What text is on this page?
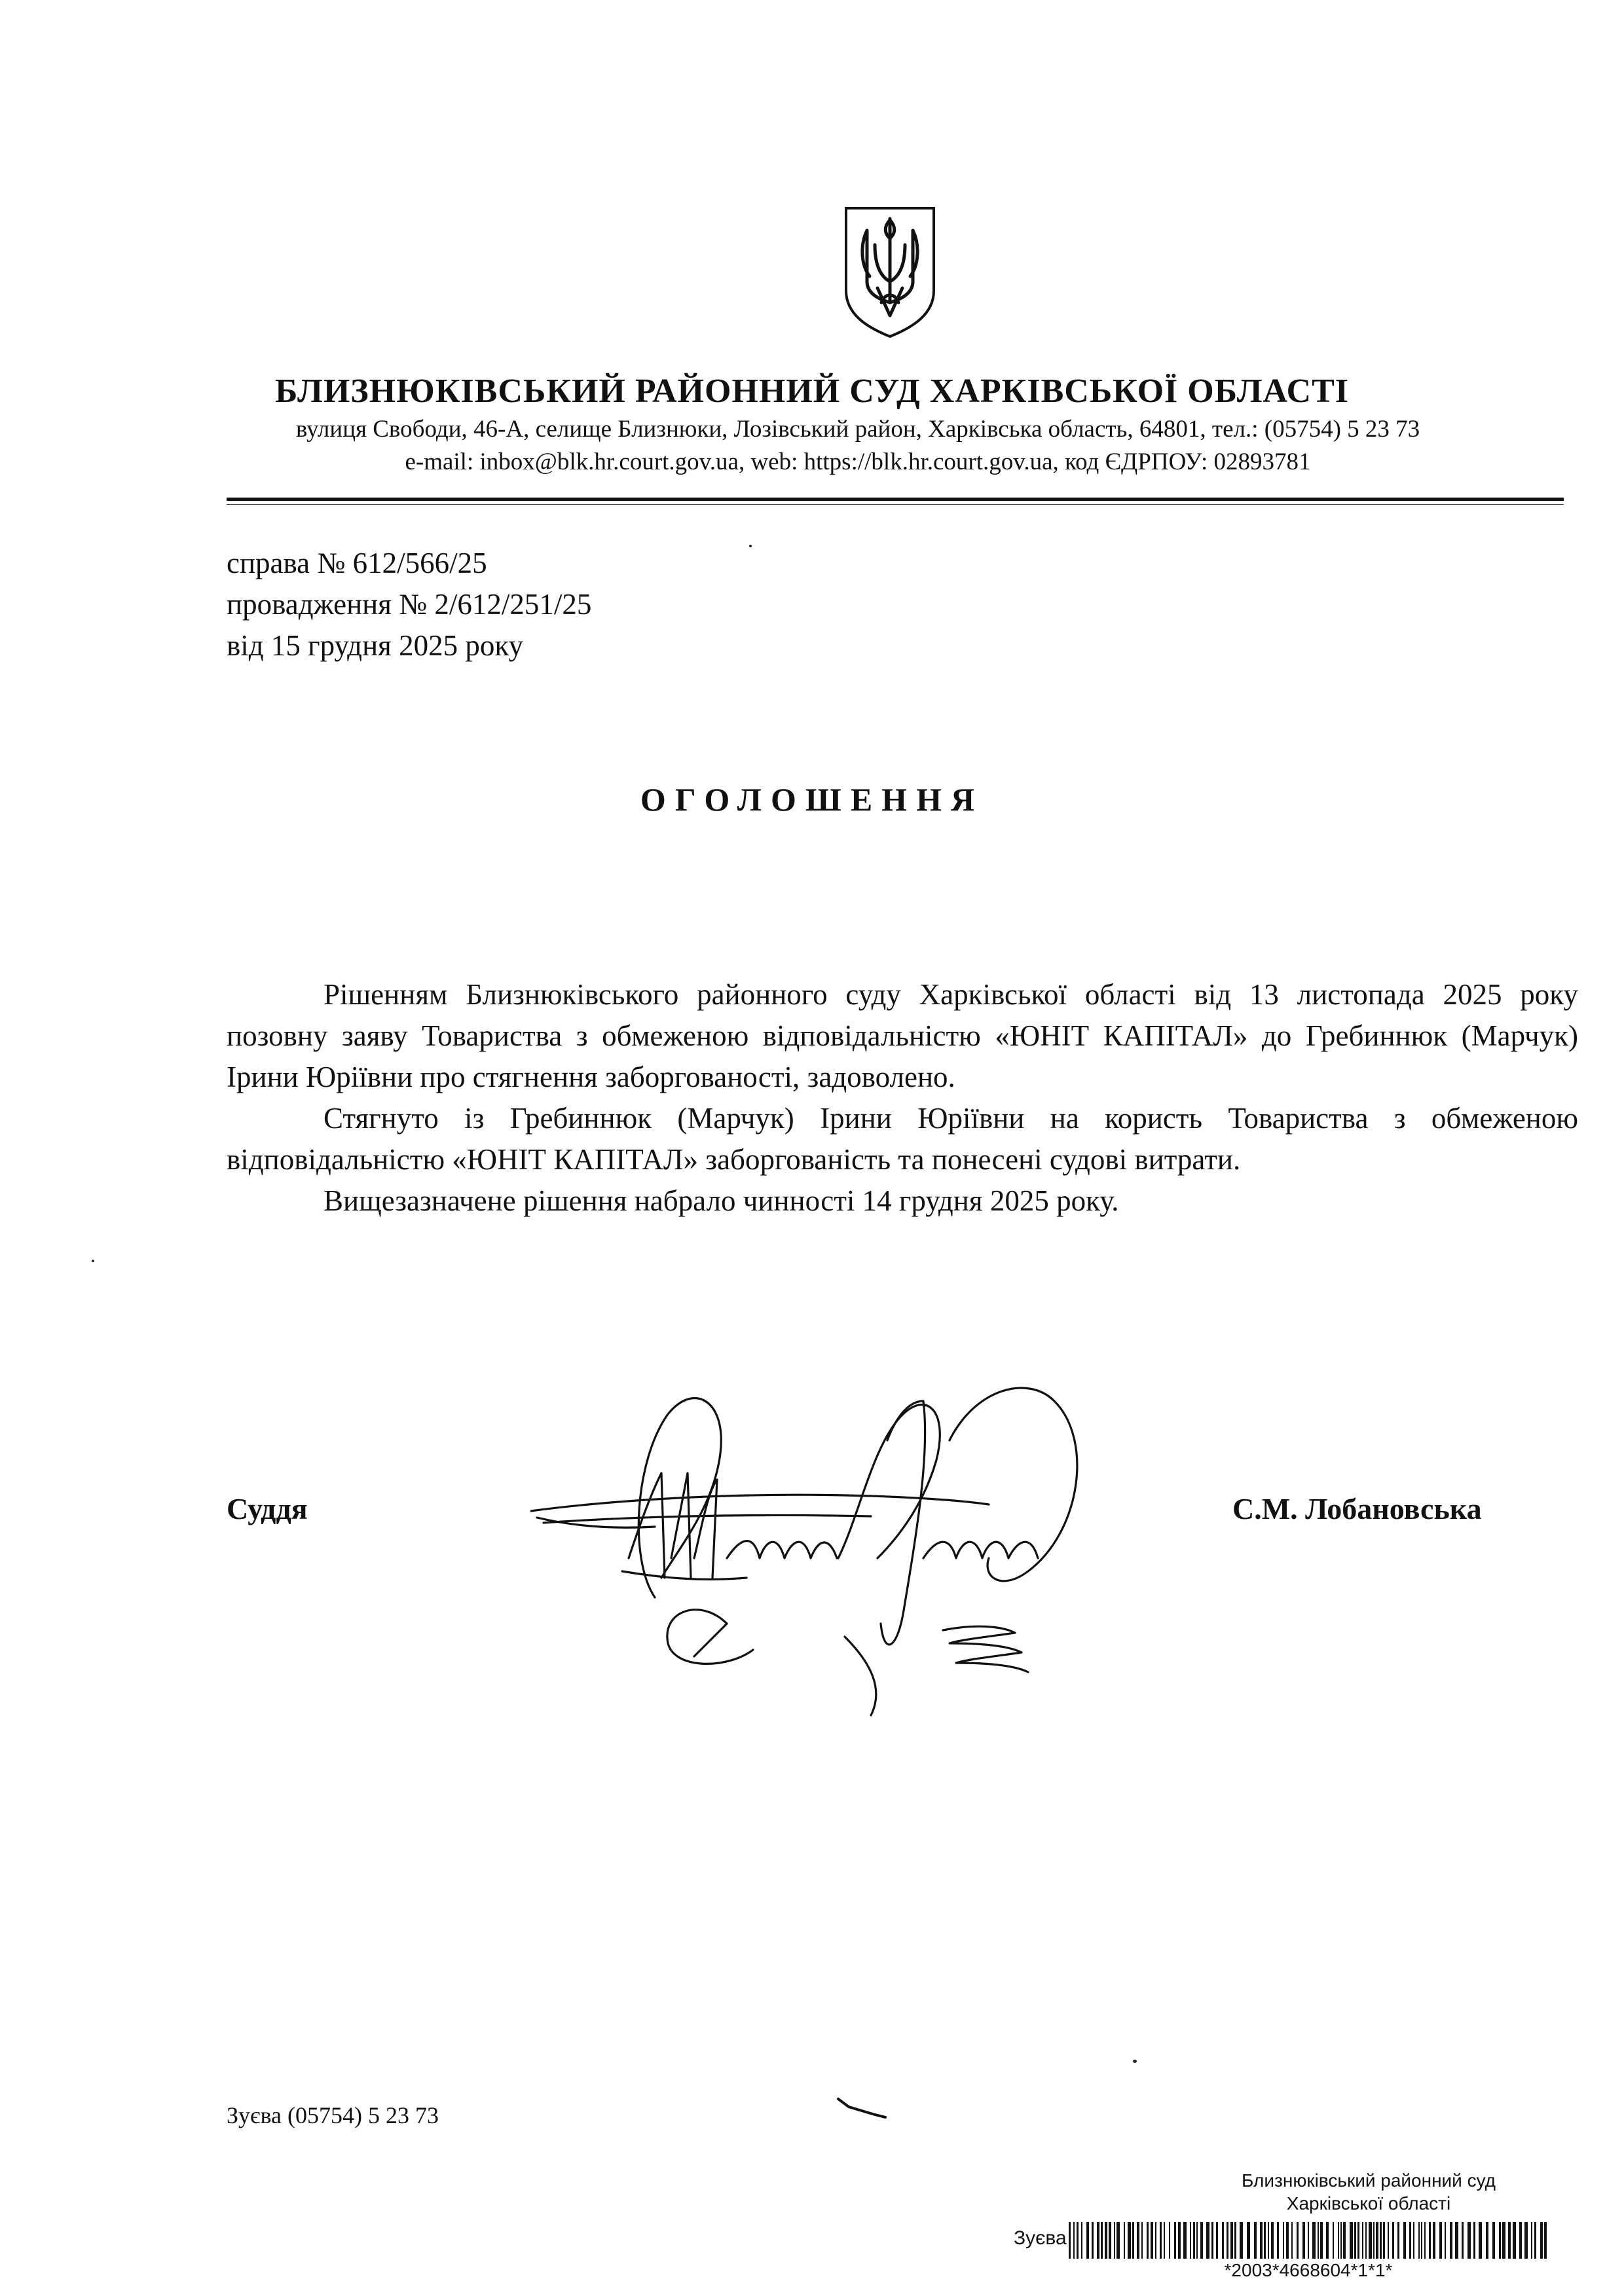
БЛИЗНЮКІВСЬКИЙ РАЙОННИЙ СУД ХАРКІВСЬКОЇ ОБЛАСТІ
вулиця Свободи, 46-А, селище Близнюки, Лозівський район, Харківська область, 64801, тел.: (05754) 5 23 73
e-mail: inbox@blk.hr.court.gov.ua, web: https://blk.hr.court.gov.ua, код ЄДРПОУ: 02893781
справа № 612/566/25
провадження № 2/612/251/25
від 15 грудня 2025 року
ОГОЛОШЕННЯ

Рішенням Близнюківського районного суду Харківської області від 13 листопада 2025 року позовну заяву Товариства з обмеженою відповідальністю «ЮНІТ КАПІТАЛ» до Гребиннюк (Марчук) Ірини Юріївни про стягнення заборгованості, задоволено.

Стягнуто із Гребиннюк (Марчук) Ірини Юріївни на користь Товариства з обмеженою відповідальністю «ЮНІТ КАПІТАЛ» заборгованість та понесені судові витрати.

Вищезазначене рішення набрало чинності 14 грудня 2025 року.

Суддя	С.М. Лобановська
Зуєва (05754) 5 23 73
Близнюківський районний суд
Харківської області
Зуєва
*2003*4668604*1*1*
